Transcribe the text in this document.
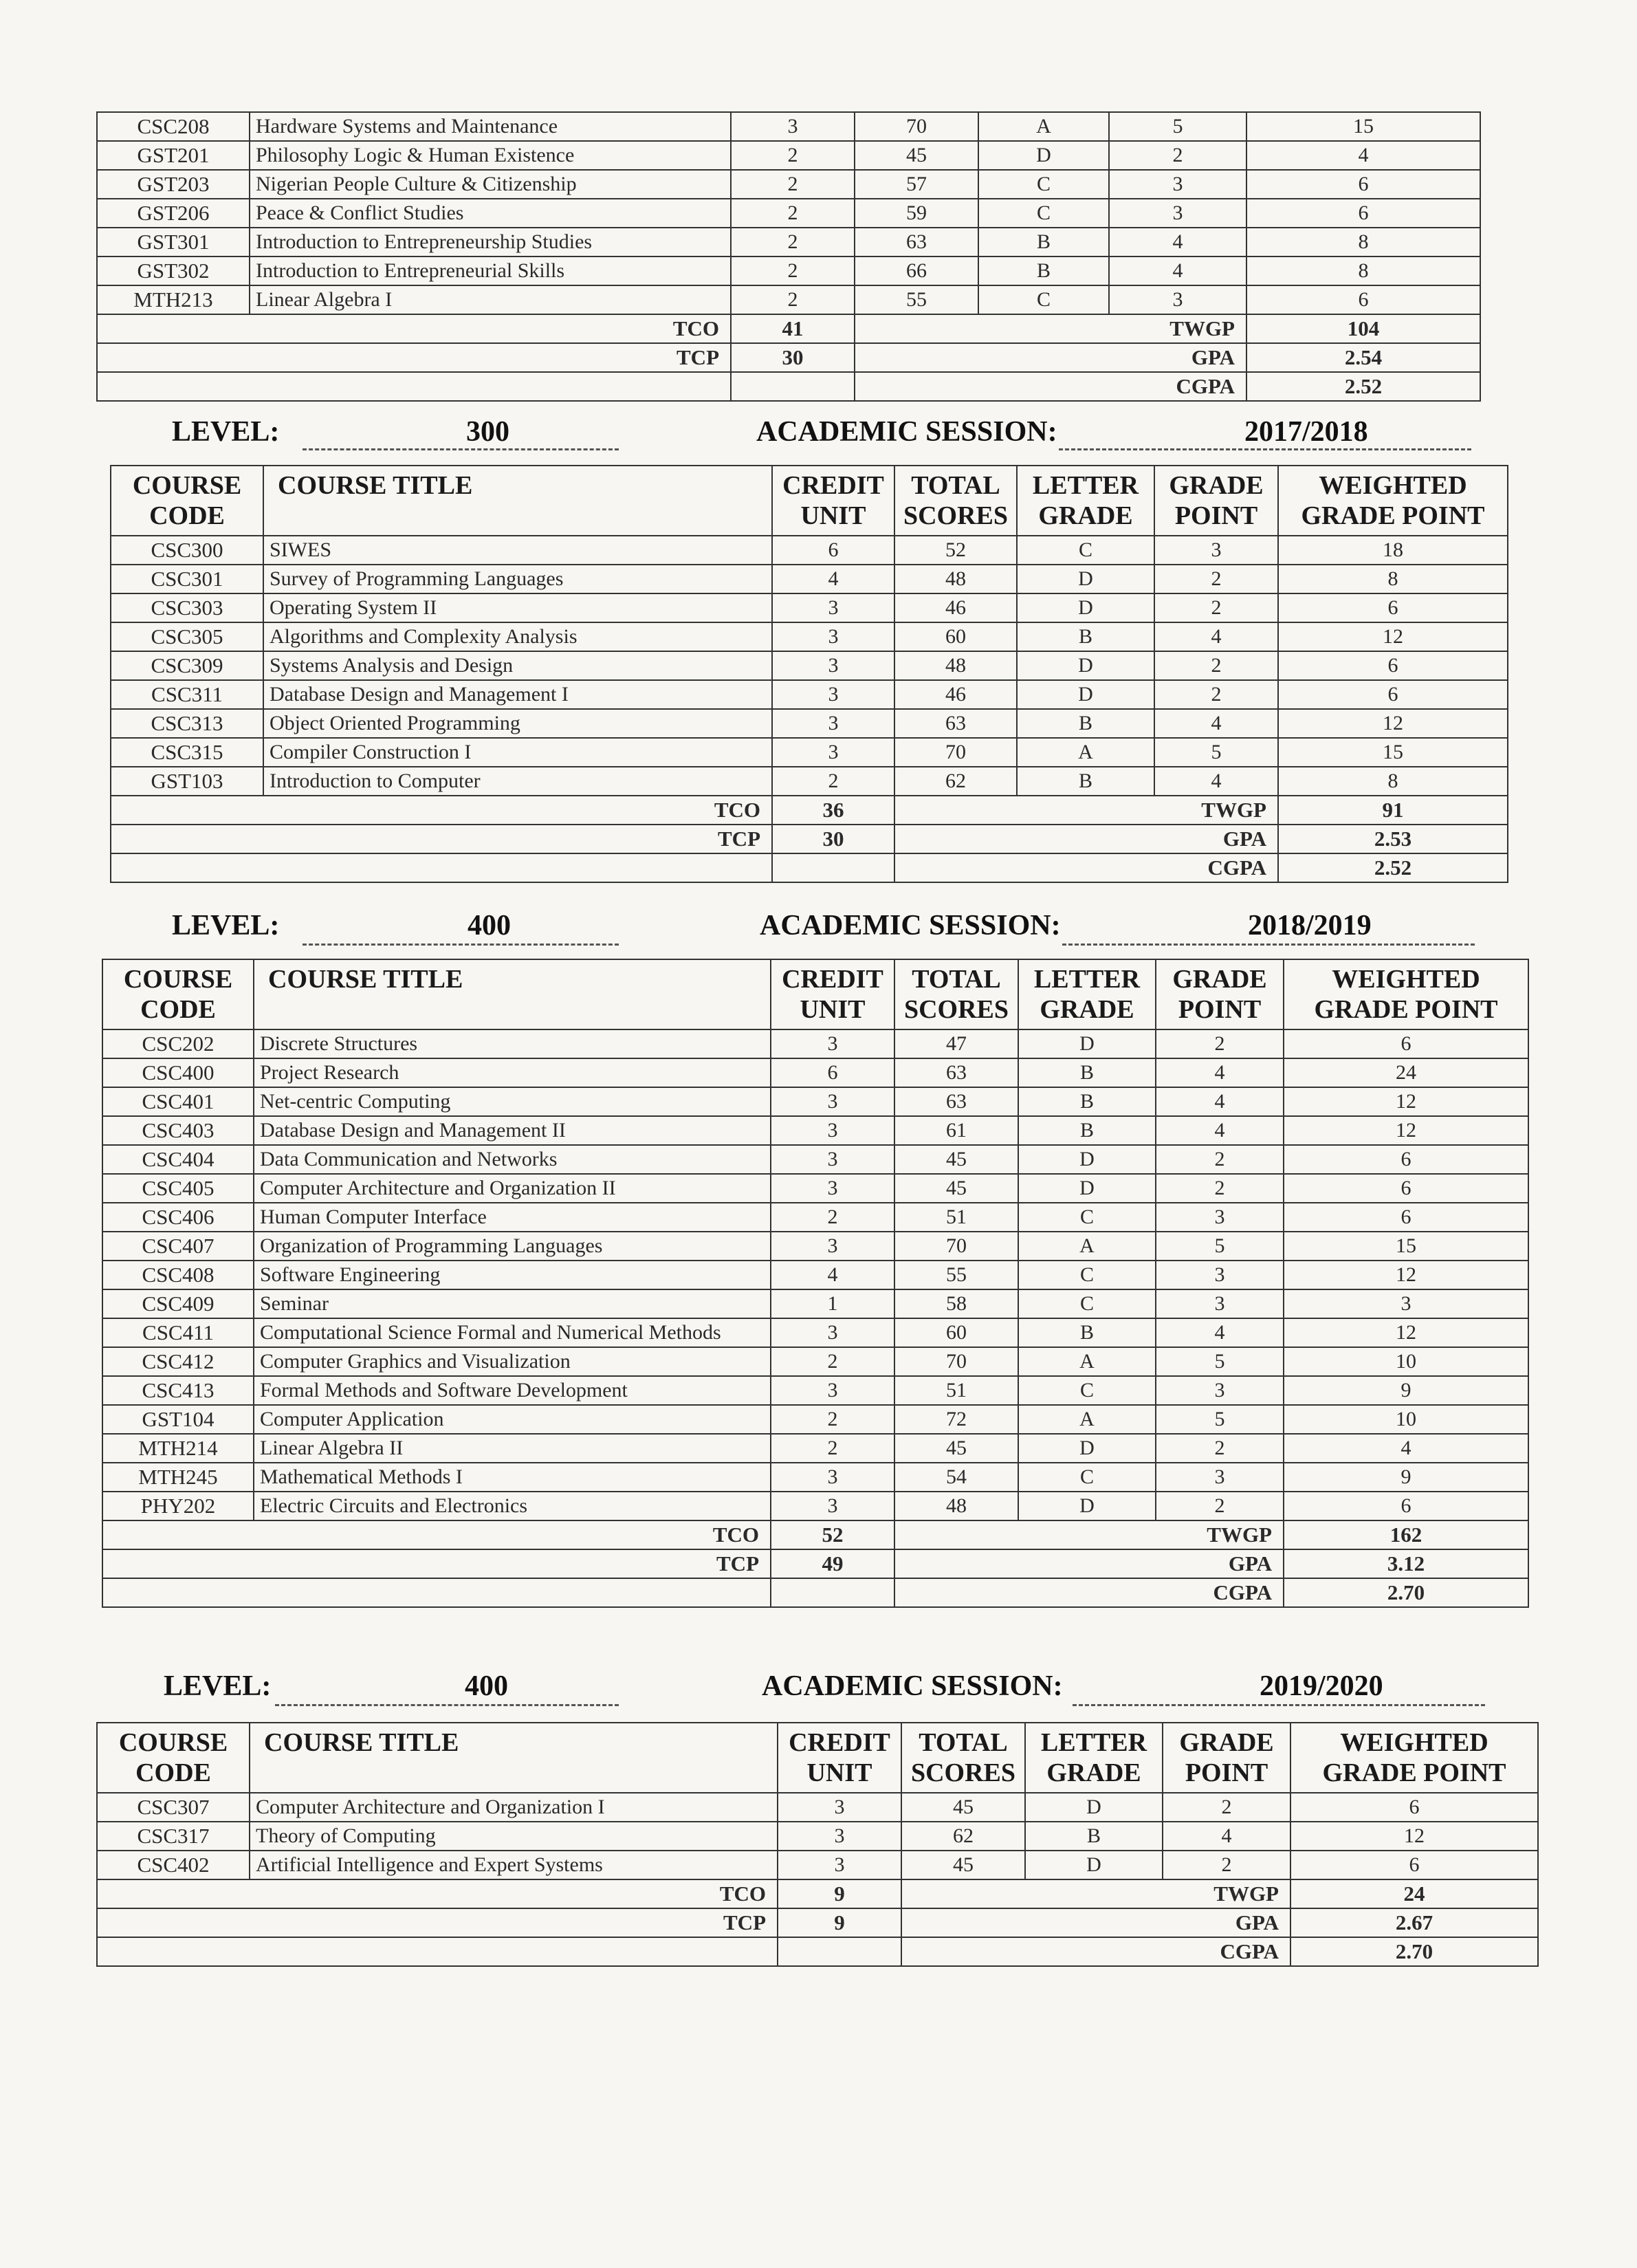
CSC208	Hardware Systems and Maintenance	3	70	A	5	15
GST201	Philosophy Logic & Human Existence	2	45	D	2	4
GST203	Nigerian People Culture & Citizenship	2	57	C	3	6
GST206	Peace & Conflict Studies	2	59	C	3	6
GST301	Introduction to Entrepreneurship Studies	2	63	B	4	8
GST302	Introduction to Entrepreneurial Skills	2	66	B	4	8
MTH213	Linear Algebra I	2	55	C	3	6
TCO		41	TWGP			104
TCP		30	GPA			2.54
			CGPA			2.52
LEVEL:	300	ACADEMIC SESSION:	2017/2018
COURSE CODE	COURSE TITLE	CREDIT UNIT	TOTAL SCORES	LETTER GRADE	GRADE POINT	WEIGHTED GRADE POINT
CSC300	SIWES	6	52	C	3	18
CSC301	Survey of Programming Languages	4	48	D	2	8
CSC303	Operating System II	3	46	D	2	6
CSC305	Algorithms and Complexity Analysis	3	60	B	4	12
CSC309	Systems Analysis and Design	3	48	D	2	6
CSC311	Database Design and Management I	3	46	D	2	6
CSC313	Object Oriented Programming	3	63	B	4	12
CSC315	Compiler Construction I	3	70	A	5	15
GST103	Introduction to Computer	2	62	B	4	8
TCO		36	TWGP			91
TCP		30	GPA			2.53
			CGPA			2.52
LEVEL:	400	ACADEMIC SESSION:	2018/2019
COURSE CODE	COURSE TITLE	CREDIT UNIT	TOTAL SCORES	LETTER GRADE	GRADE POINT	WEIGHTED GRADE POINT
CSC202	Discrete Structures	3	47	D	2	6
CSC400	Project Research	6	63	B	4	24
CSC401	Net-centric Computing	3	63	B	4	12
CSC403	Database Design and Management II	3	61	B	4	12
CSC404	Data Communication and Networks	3	45	D	2	6
CSC405	Computer Architecture and Organization II	3	45	D	2	6
CSC406	Human Computer Interface	2	51	C	3	6
CSC407	Organization of Programming Languages	3	70	A	5	15
CSC408	Software Engineering	4	55	C	3	12
CSC409	Seminar	1	58	C	3	3
CSC411	Computational Science Formal and Numerical Methods	3	60	B	4	12
CSC412	Computer Graphics and Visualization	2	70	A	5	10
CSC413	Formal Methods and Software Development	3	51	C	3	9
GST104	Computer Application	2	72	A	5	10
MTH214	Linear Algebra II	2	45	D	2	4
MTH245	Mathematical Methods I	3	54	C	3	9
PHY202	Electric Circuits and Electronics	3	48	D	2	6
TCO		52	TWGP			162
TCP		49	GPA			3.12
			CGPA			2.70
LEVEL:	400	ACADEMIC SESSION:	2019/2020
COURSE CODE	COURSE TITLE	CREDIT UNIT	TOTAL SCORES	LETTER GRADE	GRADE POINT	WEIGHTED GRADE POINT
CSC307	Computer Architecture and Organization I	3	45	D	2	6
CSC317	Theory of Computing	3	62	B	4	12
CSC402	Artificial Intelligence and Expert Systems	3	45	D	2	6
TCO		9	TWGP			24
TCP		9	GPA			2.67
			CGPA			2.70
